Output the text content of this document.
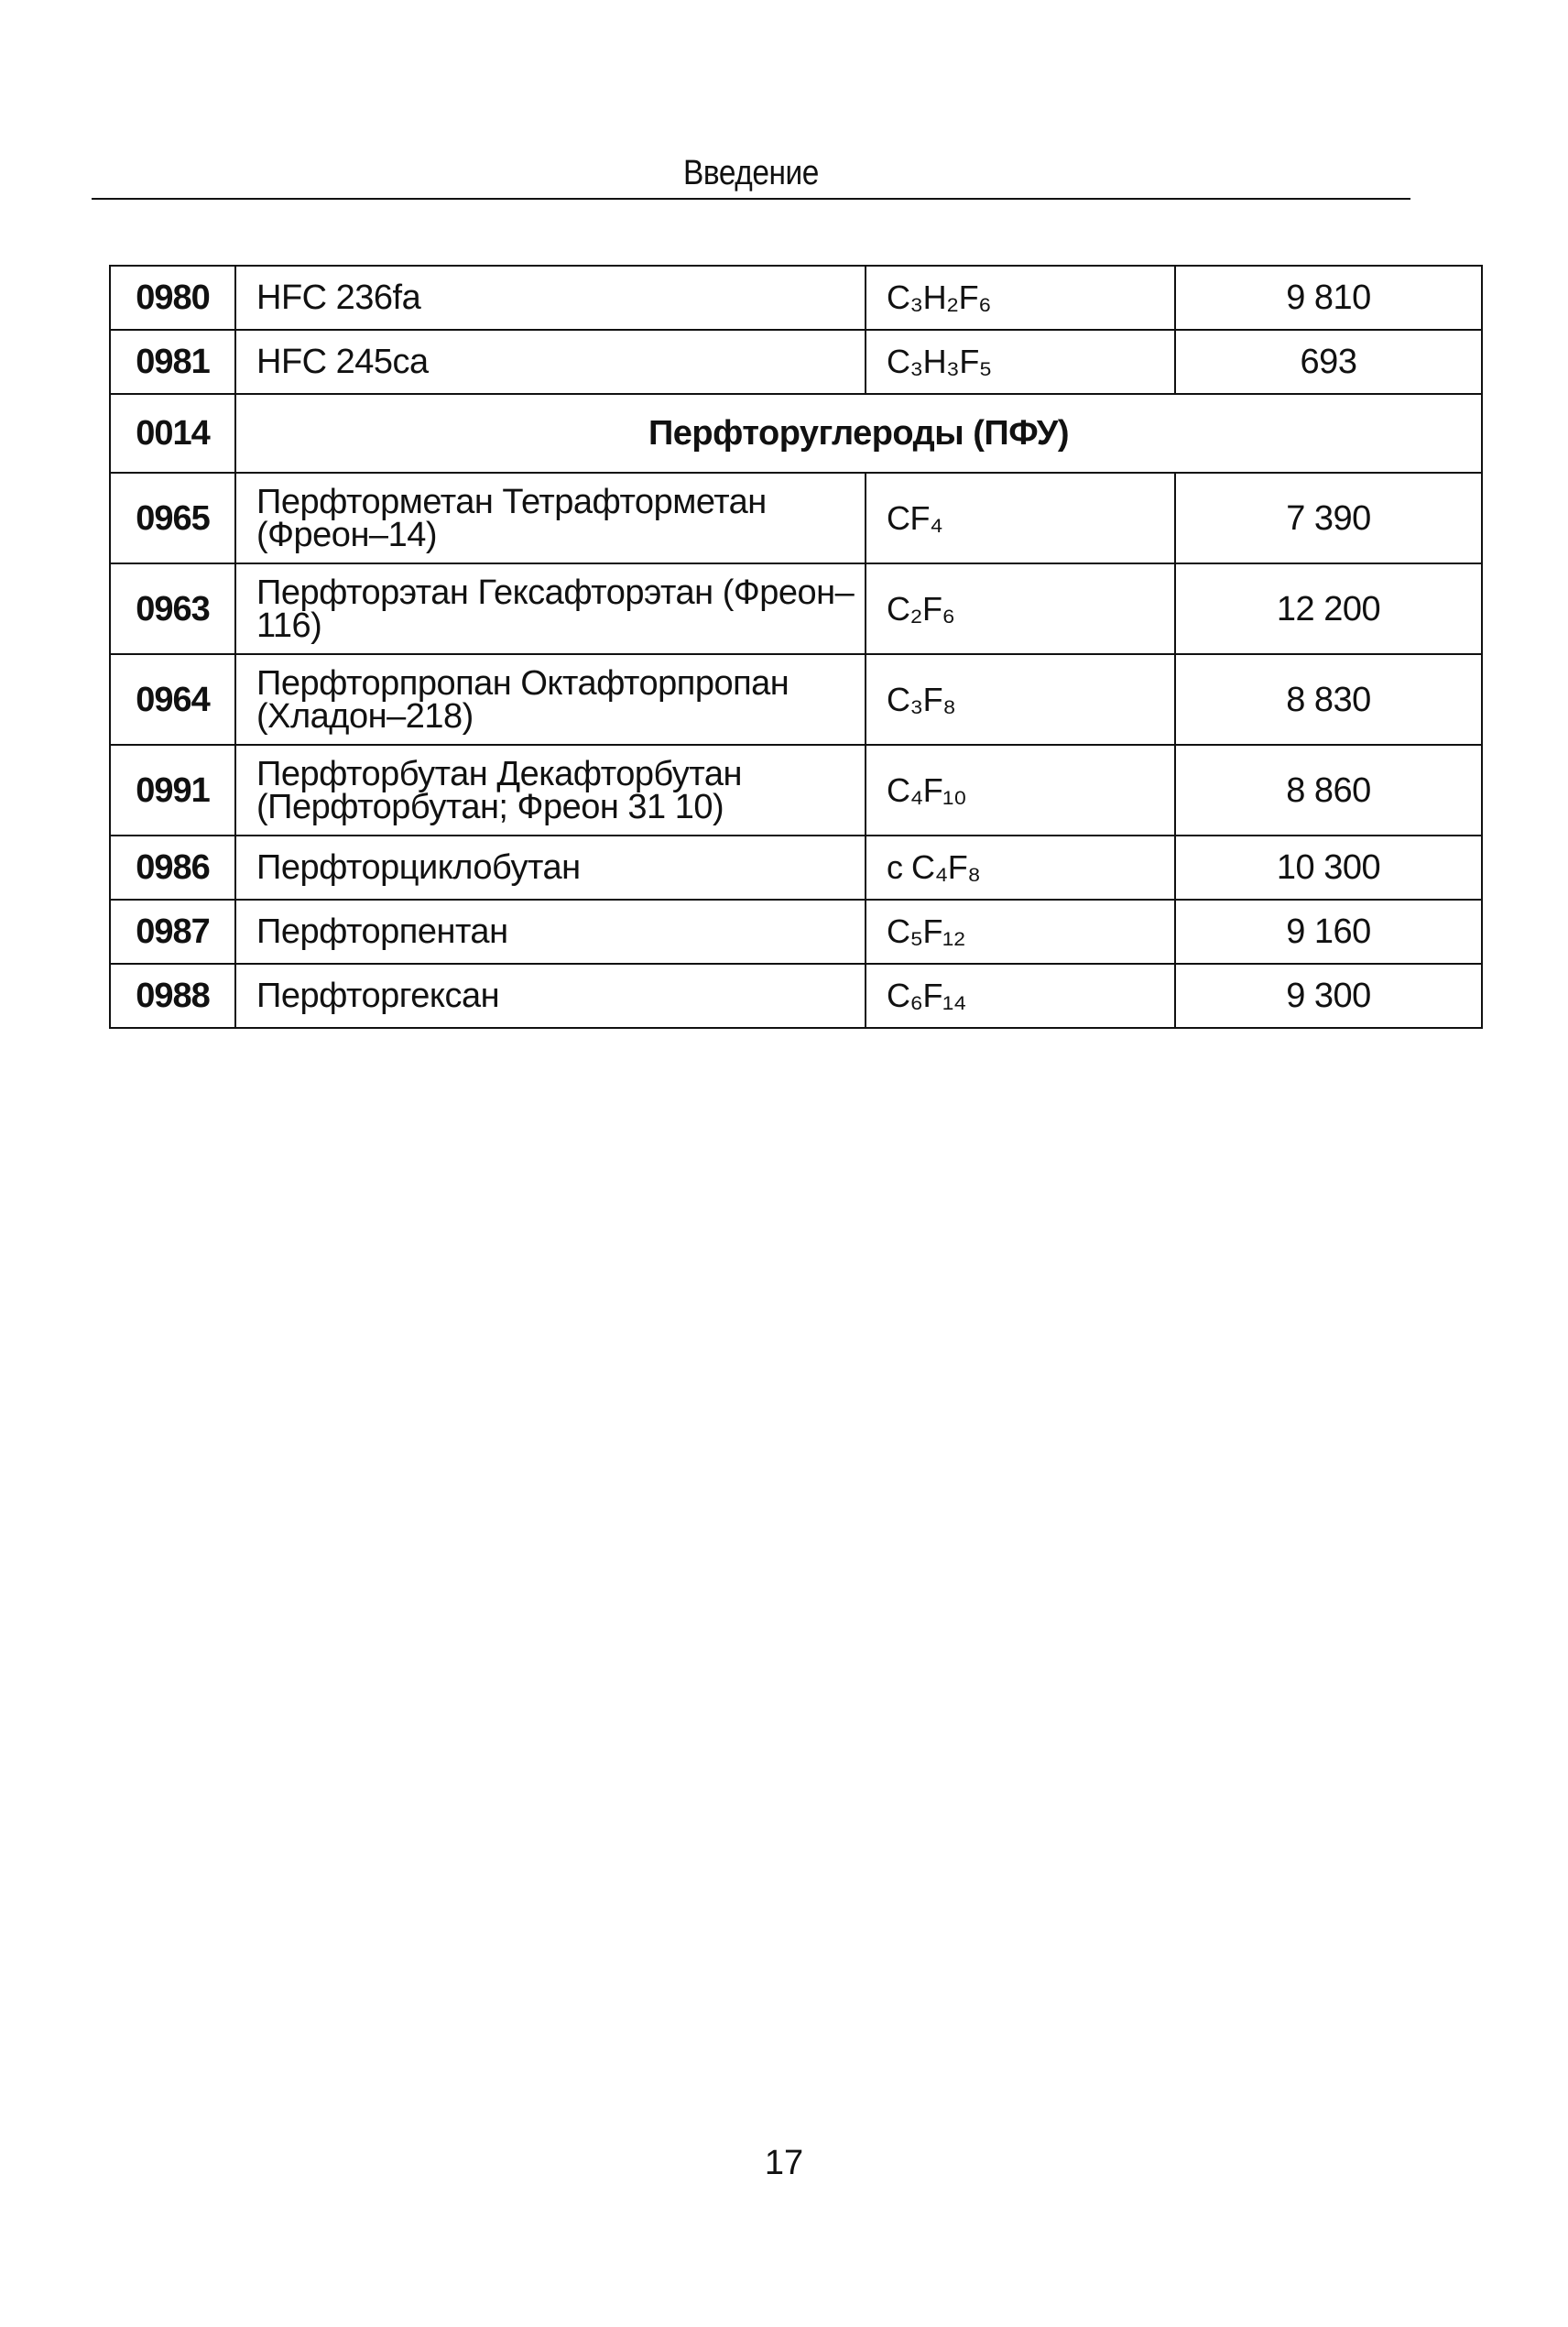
Введение
0980	HFC 236fa	C₃H₂F₆	9 810
0981	HFC 245ca	C₃H₃F₅	693
0014	Перфторуглероды (ПФУ)		
0965	Перфторметан Тетрафторметан (Фреон–14)	CF₄	7 390
0963	Перфторэтан Гексафторэтан (Фреон–116)	C₂F₆	12 200
0964	Перфторпропан Октафторпропан (Хладон–218)	C₃F₈	8 830
0991	Перфторбутан Декафторбутан (Перфторбутан; Фреон 31 10)	C₄F₁₀	8 860
0986	Перфторциклобутан	c C₄F₈	10 300
0987	Перфторпентан	C₅F₁₂	9 160
0988	Перфторгексан	C₆F₁₄	9 300
17
